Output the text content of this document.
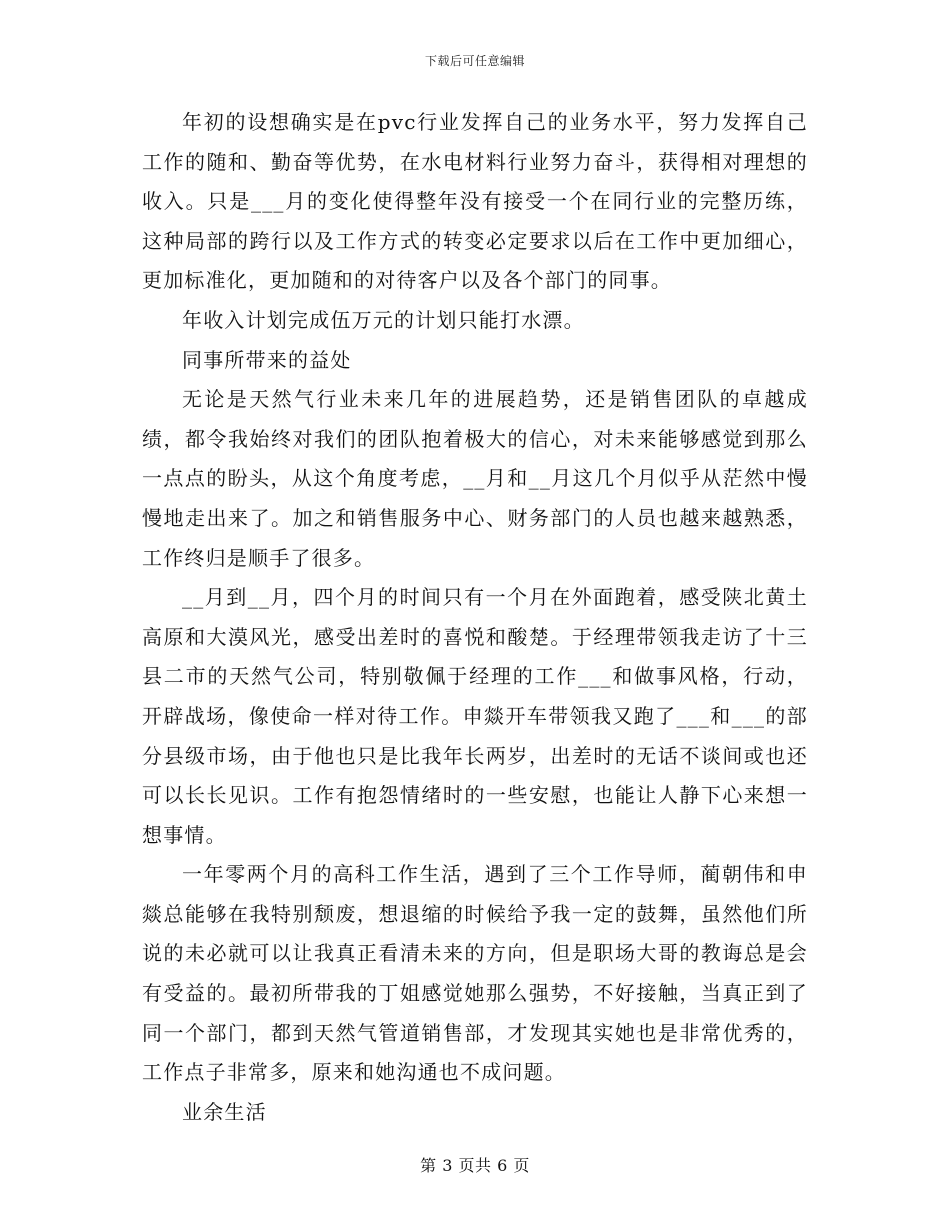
下载后可任意编辑

年初的设想确实是在pvc行业发挥自己的业务水平，努力发挥自己工作的随和、勤奋等优势，在水电材料行业努力奋斗，获得相对理想的收入。只是___月的变化使得整年没有接受一个在同行业的完整历练，这种局部的跨行以及工作方式的转变必定要求以后在工作中更加细心，更加标准化，更加随和的对待客户以及各个部门的同事。

年收入计划完成伍万元的计划只能打水漂。

同事所带来的益处

无论是天然气行业未来几年的进展趋势，还是销售团队的卓越成绩，都令我始终对我们的团队抱着极大的信心，对未来能够感觉到那么一点点的盼头，从这个角度考虑，__月和__月这几个月似乎从茫然中慢慢地走出来了。加之和销售服务中心、财务部门的人员也越来越熟悉，工作终归是顺手了很多。

__月到__月，四个月的时间只有一个月在外面跑着，感受陕北黄土高原和大漠风光，感受出差时的喜悦和酸楚。于经理带领我走访了十三县二市的天然气公司，特别敬佩于经理的工作___和做事风格，行动，开辟战场，像使命一样对待工作。申燚开车带领我又跑了___和___的部分县级市场，由于他也只是比我年长两岁，出差时的无话不谈间或也还可以长长见识。工作有抱怨情绪时的一些安慰，也能让人静下心来想一想事情。

一年零两个月的高科工作生活，遇到了三个工作导师，蔺朝伟和申燚总能够在我特别颓废，想退缩的时候给予我一定的鼓舞，虽然他们所说的未必就可以让我真正看清未来的方向，但是职场大哥的教诲总是会有受益的。最初所带我的丁姐感觉她那么强势，不好接触，当真正到了同一个部门，都到天然气管道销售部，才发现其实她也是非常优秀的，工作点子非常多，原来和她沟通也不成问题。

业余生活

第 3 页共 6 页
